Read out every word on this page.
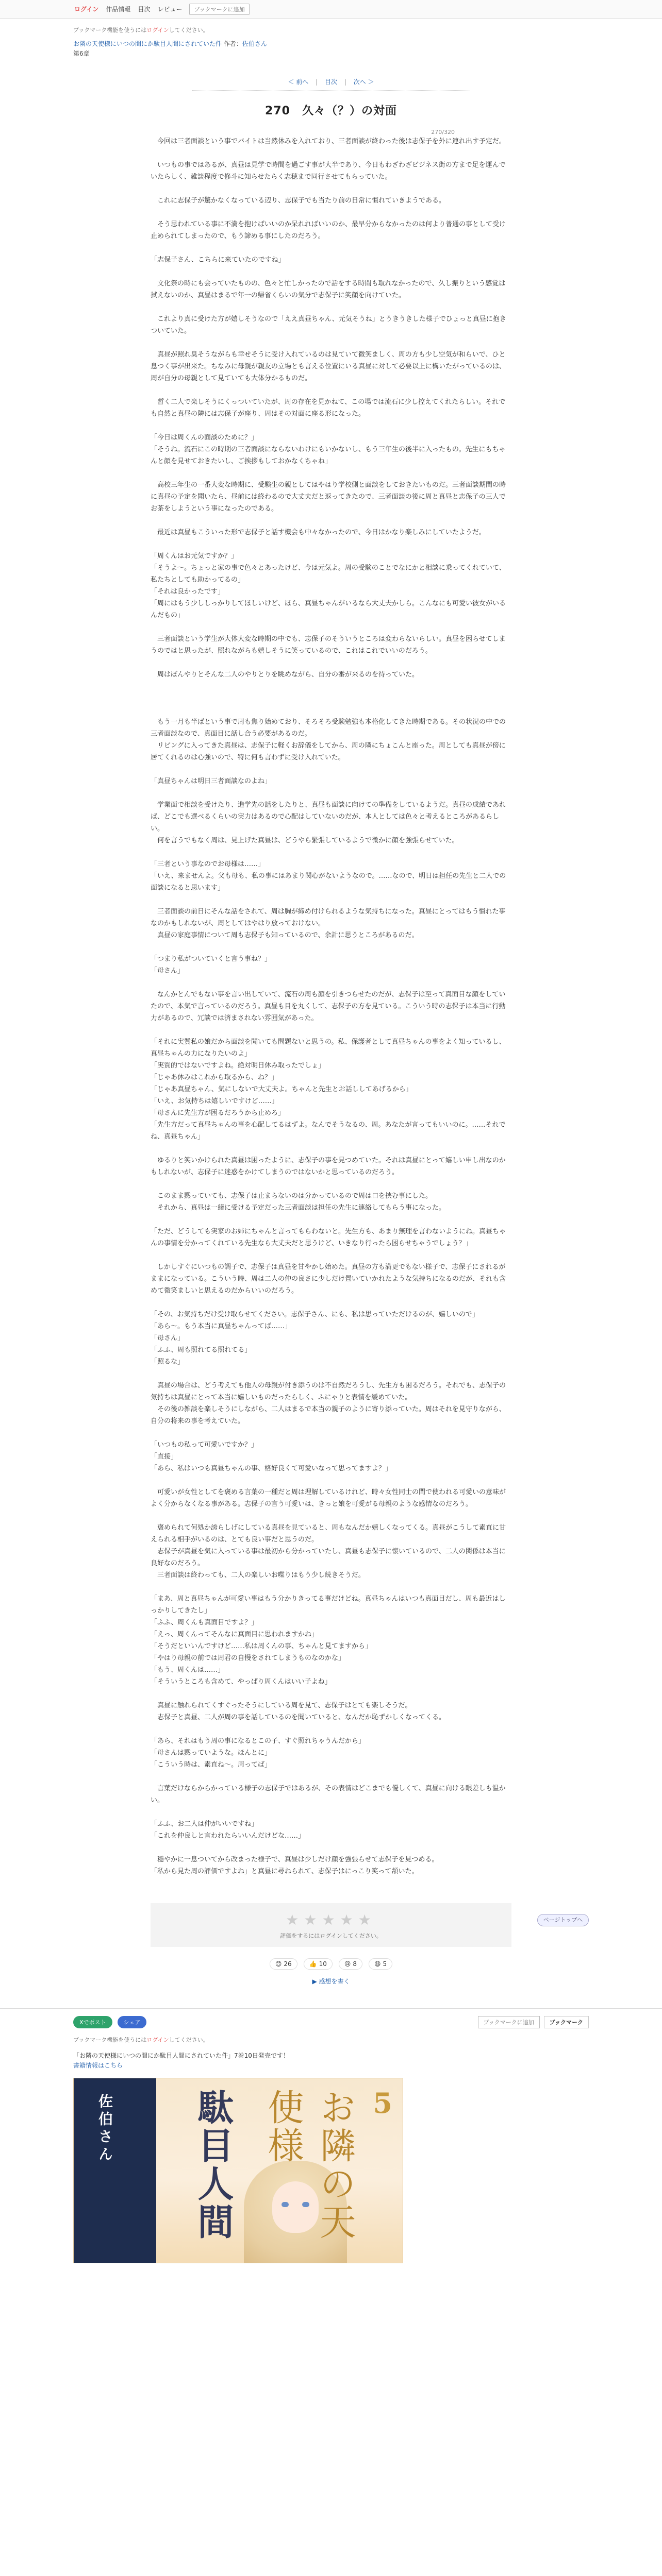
ログイン 作品情報 目次 レビュー	ブックマークに追加
ブックマーク機能を使うにはログインしてください。
お隣の天使様にいつの間にか駄目人間にされていた件 作者：佐伯さん
第6章
＜ 前へ | 目次 | 次へ ＞
270/320
270　久々（？）の対面

　今回は三者面談という事でバイトは当然休みを入れており、三者面談が終わった後は志保子を外に連れ出す予定だ。

　いつもの事ではあるが、真昼は見学で時間を過ごす事が大半であり、今日もわざわざビジネス街の方まで足を運んでいたらしく、雑談程度で修斗に知らせたらく志穂まで同行させてもらっていた。

　これに志保子が驚かなくなっている辺り、志保子でも当たり前の日常に慣れていきようである。

　そう思われている事に不満を抱けばいいのか呆れればいいのか、最早分からなかったのは何より普通の事として受け止められてしまったので、もう諦める事にしたのだろう。

「志保子さん、こちらに来ていたのですね」

　文化祭の時にも会っていたものの、色々と忙しかったので話をする時間も取れなかったので、久し振りという感覚は拭えないのか、真昼はまるで年一の帰省くらいの気分で志保子に笑顔を向けていた。

　これより真に受けた方が嬉しそうなので「ええ真昼ちゃん、元気そうね」とうきうきした様子でひょっと真昼に抱きついていた。

　真昼が照れ臭そうながらも幸せそうに受け入れているのは見ていて微笑ましく、周の方も少し空気が和らいで、ひと息つく事が出来た。ちなみに母親が親友の立場とも言える位置にいる真昼に対して必要以上に構いたがっているのは、周が自分の母親として見ていても大体分かるものだ。

　暫く二人で楽しそうにくっついていたが、周の存在を見かねて、この場では流石に少し控えてくれたらしい。それでも自然と真昼の隣には志保子が座り、周はその対面に座る形になった。

「今日は周くんの面談のために？」

「そうね。流石にこの時期の三者面談にならないわけにもいかないし、もう三年生の後半に入ったもの。先生にもちゃんと顔を見せておきたいし、ご挨拶もしておかなくちゃね」

　高校三年生の一番大変な時期に、受験生の親としてはやはり学校側と面談をしておきたいものだ。三者面談期間の時に真昼の予定を聞いたら、昼前には終わるので大丈夫だと返ってきたので、三者面談の後に周と真昼と志保子の三人でお茶をしようという事になったのである。

　最近は真昼もこういった形で志保子と話す機会も中々なかったので、今日はかなり楽しみにしていたようだ。

「周くんはお元気ですか？」

「そうよ〜。ちょっと家の事で色々とあったけど、今は元気よ。周の受験のことでなにかと相談に乗ってくれていて、私たちとしても助かってるの」

「それは良かったです」

「周にはもう少ししっかりしてほしいけど、ほら、真昼ちゃんがいるなら大丈夫かしら。こんなにも可愛い彼女がいるんだもの」

　三者面談という学生が大体大変な時期の中でも、志保子のそういうところは変わらないらしい。真昼を困らせてしまうのではと思ったが、照れながらも嬉しそうに笑っているので、これはこれでいいのだろう。

　周はぼんやりとそんな二人のやりとりを眺めながら、自分の番が来るのを待っていた。

　もう一月も半ばという事で周も焦り始めており、そろそろ受験勉強も本格化してきた時期である。その状況の中での三者面談なので、真面目に話し合う必要があるのだ。

　リビングに入ってきた真昼は、志保子に軽くお辞儀をしてから、周の隣にちょこんと座った。周としても真昼が傍に居てくれるのは心強いので、特に何も言わずに受け入れていた。

「真昼ちゃんは明日三者面談なのよね」

　学業面で相談を受けたり、進学先の話をしたりと、真昼も面談に向けての準備をしているようだ。真昼の成績であれば、どこでも選べるくらいの実力はあるので心配はしていないのだが、本人としては色々と考えるところがあるらしい。

　何を言うでもなく周は、見上げた真昼は、どうやら緊張しているようで微かに顔を強張らせていた。

「三者という事なのでお母様は……」

「いえ、来ませんよ。父も母も、私の事にはあまり関心がないようなので。……なので、明日は担任の先生と二人での面談になると思います」

　三者面談の前日にそんな話をされて、周は胸が締め付けられるような気持ちになった。真昼にとってはもう慣れた事なのかもしれないが、周としてはやはり放っておけない。

　真昼の家庭事情について周も志保子も知っているので、余計に思うところがあるのだ。

「つまり私がついていくと言う事ね？」

「母さん」

　なんかとんでもない事を言い出していて、流石の周も顔を引きつらせたのだが、志保子は至って真面目な顔をしていたので、本気で言っているのだろう。真昼も目を丸くして、志保子の方を見ている。こういう時の志保子は本当に行動力があるので、冗談では済まされない雰囲気があった。

「それに実質私の娘だから面談を聞いても問題ないと思うの。私、保護者として真昼ちゃんの事をよく知っているし、真昼ちゃんの力になりたいのよ」

「実質的ではないですよね。絶対明日休み取ったでしょ」

「じゃあ休みはこれから取るから、ね？」

「じゃあ真昼ちゃん、気にしないで大丈夫よ。ちゃんと先生とお話ししてあげるから」

「いえ、お気持ちは嬉しいですけど……」

「母さんに先生方が困るだろうから止めろ」

「先生方だって真昼ちゃんの事を心配してるはずよ。なんでそうなるの、周。あなたが言ってもいいのに。……それでね、真昼ちゃん」

　ゆるりと笑いかけられた真昼は困ったように、志保子の事を見つめていた。それは真昼にとって嬉しい申し出なのかもしれないが、志保子に迷惑をかけてしまうのではないかと思っているのだろう。

　このまま黙っていても、志保子は止まらないのは分かっているので周は口を挟む事にした。

　それから、真昼は一緒に受ける予定だった三者面談は担任の先生に連絡してもらう事になった。

「ただ、どうしても実家のお姉にちゃんと言ってもらわないと。先生方も、あまり無理を言わないようにね。真昼ちゃんの事情を分かってくれている先生なら大丈夫だと思うけど、いきなり行ったら困らせちゃうでしょう？」

　しかしすぐにいつもの調子で、志保子は真昼を甘やかし始めた。真昼の方も満更でもない様子で、志保子にされるがままになっている。こういう時、周は二人の仲の良さに少しだけ置いていかれたような気持ちになるのだが、それも含めて微笑ましいと思えるのだからいいのだろう。

「その、お気持ちだけ受け取らせてください。志保子さん、にも、私は思っていただけるのが、嬉しいので」

「あら〜。もう本当に真昼ちゃんってば……」

「母さん」

「ふふ、周も照れてる照れてる」

「照るな」

　真昼の場合は、どう考えても他人の母親が付き添うのは不自然だろうし、先生方も困るだろう。それでも、志保子の気持ちは真昼にとって本当に嬉しいものだったらしく、ふにゃりと表情を緩めていた。

　その後の雑談を楽しそうにしながら、二人はまるで本当の親子のように寄り添っていた。周はそれを見守りながら、自分の将来の事を考えていた。

「いつもの私って可愛いですか？」

「直接」

「あら、私はいつも真昼ちゃんの事、格好良くて可愛いなって思ってますよ？」

　可愛いが女性としてを褒める言葉の一種だと周は理解しているけれど、時々女性同士の間で使われる可愛いの意味がよく分からなくなる事がある。志保子の言う可愛いは、きっと娘を可愛がる母親のような感情なのだろう。

　褒められて何処か誇らしげにしている真昼を見ていると、周もなんだか嬉しくなってくる。真昼がこうして素直に甘えられる相手がいるのは、とても良い事だと思うのだ。

　志保子が真昼を気に入っている事は最初から分かっていたし、真昼も志保子に懐いているので、二人の関係は本当に良好なのだろう。

　三者面談は終わっても、二人の楽しいお喋りはもう少し続きそうだ。

「まあ、周と真昼ちゃんが可愛い事はもう分かりきってる事だけどね。真昼ちゃんはいつも真面目だし、周も最近はしっかりしてきたし」

「ふふ、周くんも真面目ですよ？」

「えっ、周くんってそんなに真面目に思われますかね」

「そうだといいんですけど……私は周くんの事、ちゃんと見てますから」

「やはり母親の前では周君の自慢をされてしまうものなのかな」

「もう、周くんは……」

「そういうところも含めて、やっぱり周くんはいい子よね」

　真昼に触れられてくすぐったそうにしている周を見て、志保子はとても楽しそうだ。

　志保子と真昼、二人が周の事を話しているのを聞いていると、なんだか恥ずかしくなってくる。

「あら、それはもう周の事になるとこの子、すぐ照れちゃうんだから」

「母さんは黙っていような。ほんとに」

「こういう時は、素直ね〜。周ってば」

　言葉だけならからかっている様子の志保子ではあるが、その表情はどこまでも優しくて、真昼に向ける眼差しも温かい。

「ふふ、お二人は仲がいいですね」

「これを仲良しと言われたらいいんだけどな……」

　穏やかに一息ついてから改まった様子で、真昼は少しだけ顔を強張らせて志保子を見つめる。

「私から見た周の評価ですよね」と真昼に尋ねられて、志保子はにっこり笑って頷いた。

ページトップへ
★★★★★
評価をするにはログインしてください。
😊 26	👍 10	😢 8	😆 5
▶ 感想を書く
Xでポスト	シェア	ブックマークに追加	ブックマーク
ブックマーク機能を使うにはログインしてください。
「お隣の天使様にいつの間にか駄目人間にされていた件」7巻10日発売です！
書籍情報はこちら
佐伯さん 駄目人間	お隣の天使様	5
